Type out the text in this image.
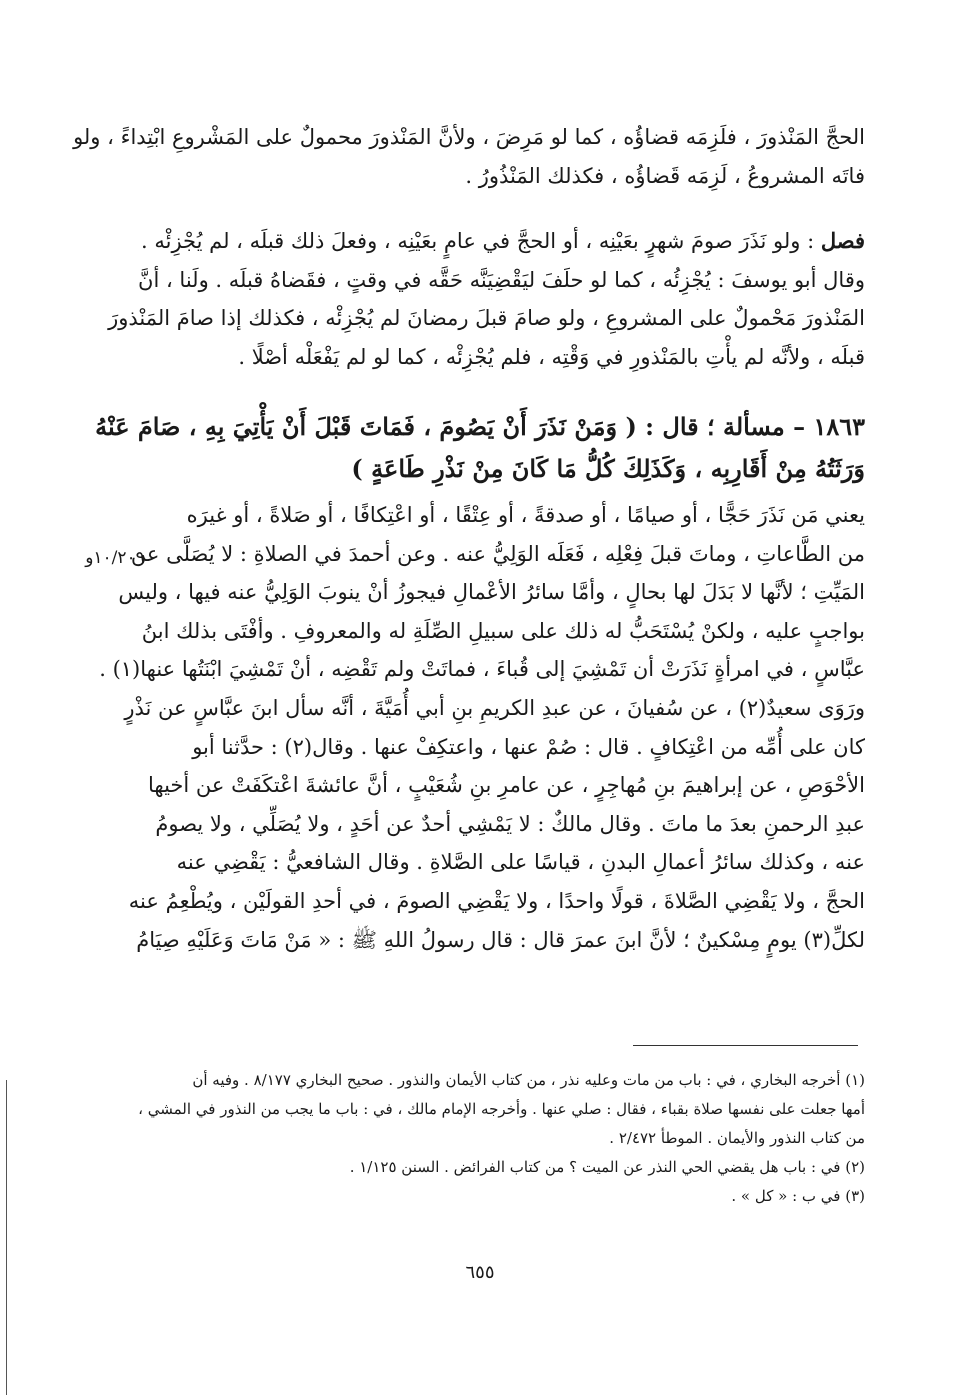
الحجَّ المَنْذورَ ، فلَزِمَه قضاؤُه ، كما لو مَرِضَ ، ولأنَّ المَنْذورَ محمولٌ على المَشْروعِ ابْتِداءً ، ولو
فاتَه المشروعُ ، لَزِمَه قَضاؤُه ، فكذلك المَنْذُورُ .
فصل : ولو نَذَرَ صومَ شهرٍ بعَيْنِه ، أو الحجَّ في عامٍ بعَيْنِه ، وفعلَ ذلك قبلَه ، لم يُجْزِئْه .
وقال أبو يوسفَ : يُجْزِئُه ، كما لو حلَفَ ليَقْضِيَنَّه حَقَّه في وقتٍ ، فقَضاهُ قبلَه . ولَنا ، أنَّ
المَنْذورَ مَحْمولٌ على المشروعِ ، ولو صامَ قبلَ رمضانَ لم يُجْزِئْه ، فكذلك إذا صامَ المَنْذورَ
قبلَه ، ولأنَّه لم يأْتِ بالمَنْذورِ في وَقْتِه ، فلم يُجْزِئْه ، كما لو لم يَفْعَلْه أصْلًا .
١٨٦٣ – مسألة ؛ قال : ( وَمَنْ نَذَرَ أَنْ يَصُومَ ، فَمَاتَ قَبْلَ أَنْ يَأْتِيَ بِهِ ، صَامَ عَنْهُ
وَرَثَتُهُ مِنْ أَقَارِبِه ، وَكَذَلِكَ كُلُّ مَا كَانَ مِنْ نَذْرِ طَاعَةٍ )
يعني مَن نَذَرَ حَجًّا ، أو صيامًا ، أو صدقةً ، أو عِتْقًا ، أو اعْتِكافًا ، أو صَلاةً ، أو غيرَه
من الطَّاعاتِ ، وماتَ قبلَ فِعْلِه ، فَعَلَه الوَلِيُّ عنه . وعن أحمدَ في الصلاةِ : لا يُصَلَّى عن
المَيِّتِ ؛ لأنَّها لا بَدَلَ لها بحالٍ ، وأمَّا سائرُ الأعْمالِ فيجوزُ أنْ ينوبَ الوَلِيُّ عنه فيها ، وليس
بواجبٍ عليه ، ولكنْ يُسْتَحَبُّ له ذلك على سبيلِ الصِّلَةِ له والمعروفِ . وأفْتَى بذلك ابنُ
عبَّاسٍ ، في امرأةٍ نَذَرَتْ أن تَمْشِيَ إلى قُباءَ ، فماتَتْ ولم تَقْضِه ، أنْ تَمْشِيَ ابْنَتُها عنها(١) .
ورَوَى سعيدٌ(٢) ، عن سُفيانَ ، عن عبدِ الكريمِ بنِ أبي أُمَيَّةَ ، أنَّه سأل ابنَ عبَّاسٍ عن نَذْرٍ
كان على أُمِّه من اعْتِكافٍ . قال : صُمْ عنها ، واعتكِفْ عنها . وقال(٢) : حدَّثنا أبو
الأحْوَصِ ، عن إبراهيمَ بنِ مُهاجِرٍ ، عن عامرِ بنِ شُعَيْبٍ ، أنَّ عائشةَ اعْتكَفَتْ عن أخيها
عبدِ الرحمنِ بعدَ ما ماتَ . وقال مالكٌ : لا يَمْشِي أحدٌ عن أحَدٍ ، ولا يُصَلِّي ، ولا يصومُ
عنه ، وكذلك سائرُ أعمالِ البدنِ ، قياسًا على الصَّلاةِ . وقال الشافعيُّ : يَقْضِي عنه
الحجَّ ، ولا يَقْضِي الصَّلاةَ ، قولًا واحدًا ، ولا يَقْضِي الصومَ ، في أحدِ القولَيْن ، ويُطْعِمُ عنه
لكلِّ(٣) يومٍ مِسْكينٌ ؛ لأنَّ ابنَ عمرَ قال : قال رسولُ اللهِ ﷺ : « مَنْ مَاتَ وَعَلَيْهِ صِيَامُ
١٠/٢٠٩و
(١) أخرجه البخاري ، في : باب من مات وعليه نذر ، من كتاب الأيمان والنذور . صحيح البخاري ٨/١٧٧ . وفيه أن
أمها جعلت على نفسها صلاة بقباء ، فقال : صلي عنها . وأخرجه الإمام مالك ، في : باب ما يجب من النذور في المشي ،
من كتاب النذور والأيمان . الموطأ ٢/٤٧٢ .
(٢) في : باب هل يقضي الحي النذر عن الميت ؟ من كتاب الفرائض . السنن ١/١٢٥ .
(٣) في ب : « كل » .
٦٥٥
